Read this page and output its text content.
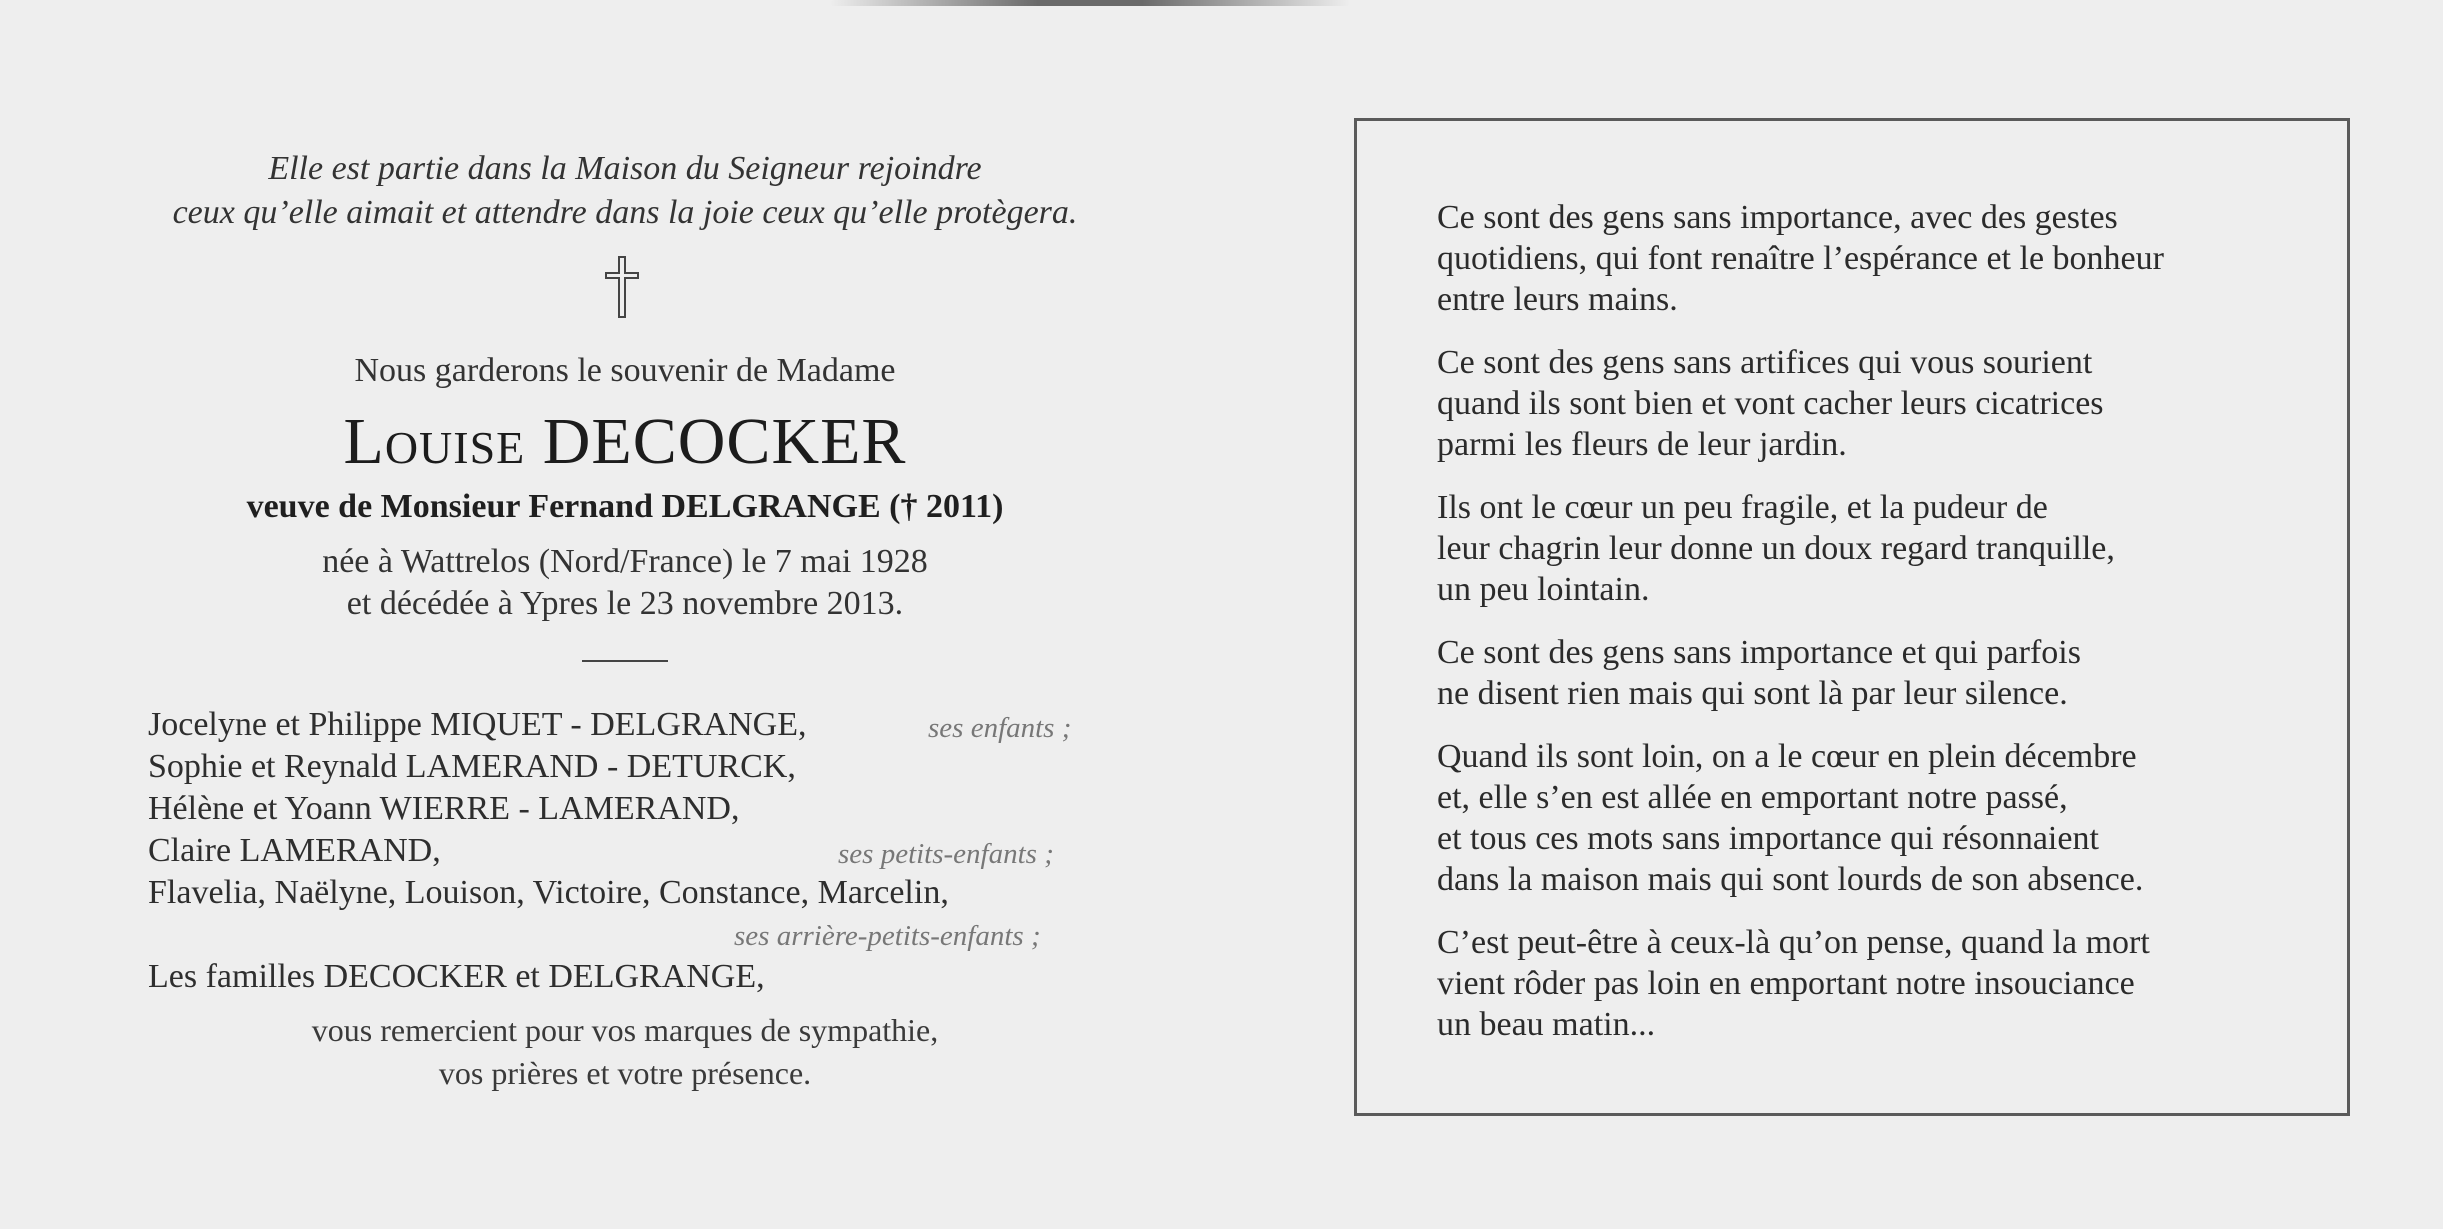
Elle est partie dans la Maison du Seigneur rejoindre
ceux qu’elle aimait et attendre dans la joie ceux qu’elle protègera.
Nous garderons le souvenir de Madame
Louise DECOCKER
veuve de Monsieur Fernand DELGRANGE († 2011)
née à Wattrelos (Nord/France) le 7 mai 1928
et décédée à Ypres le 23 novembre 2013.
Jocelyne et Philippe MIQUET - DELGRANGE,	ses enfants ;
Sophie et Reynald LAMERAND - DETURCK,
Hélène et Yoann WIERRE - LAMERAND,
Claire LAMERAND,	ses petits-enfants ;
Flavelia, Naëlyne, Louison, Victoire, Constance, Marcelin,
ses arrière-petits-enfants ;
Les familles DECOCKER et DELGRANGE,
vous remercient pour vos marques de sympathie,
vos prières et votre présence.
Ce sont des gens sans importance, avec des gestes
quotidiens, qui font renaître l’espérance et le bonheur
entre leurs mains.
Ce sont des gens sans artifices qui vous sourient
quand ils sont bien et vont cacher leurs cicatrices
parmi les fleurs de leur jardin.
Ils ont le cœur un peu fragile, et la pudeur de
leur chagrin leur donne un doux regard tranquille,
un peu lointain.
Ce sont des gens sans importance et qui parfois
ne disent rien mais qui sont là par leur silence.
Quand ils sont loin, on a le cœur en plein décembre
et, elle s’en est allée en emportant notre passé,
et tous ces mots sans importance qui résonnaient
dans la maison mais qui sont lourds de son absence.
C’est peut-être à ceux-là qu’on pense, quand la mort
vient rôder pas loin en emportant notre insouciance
un beau matin...
